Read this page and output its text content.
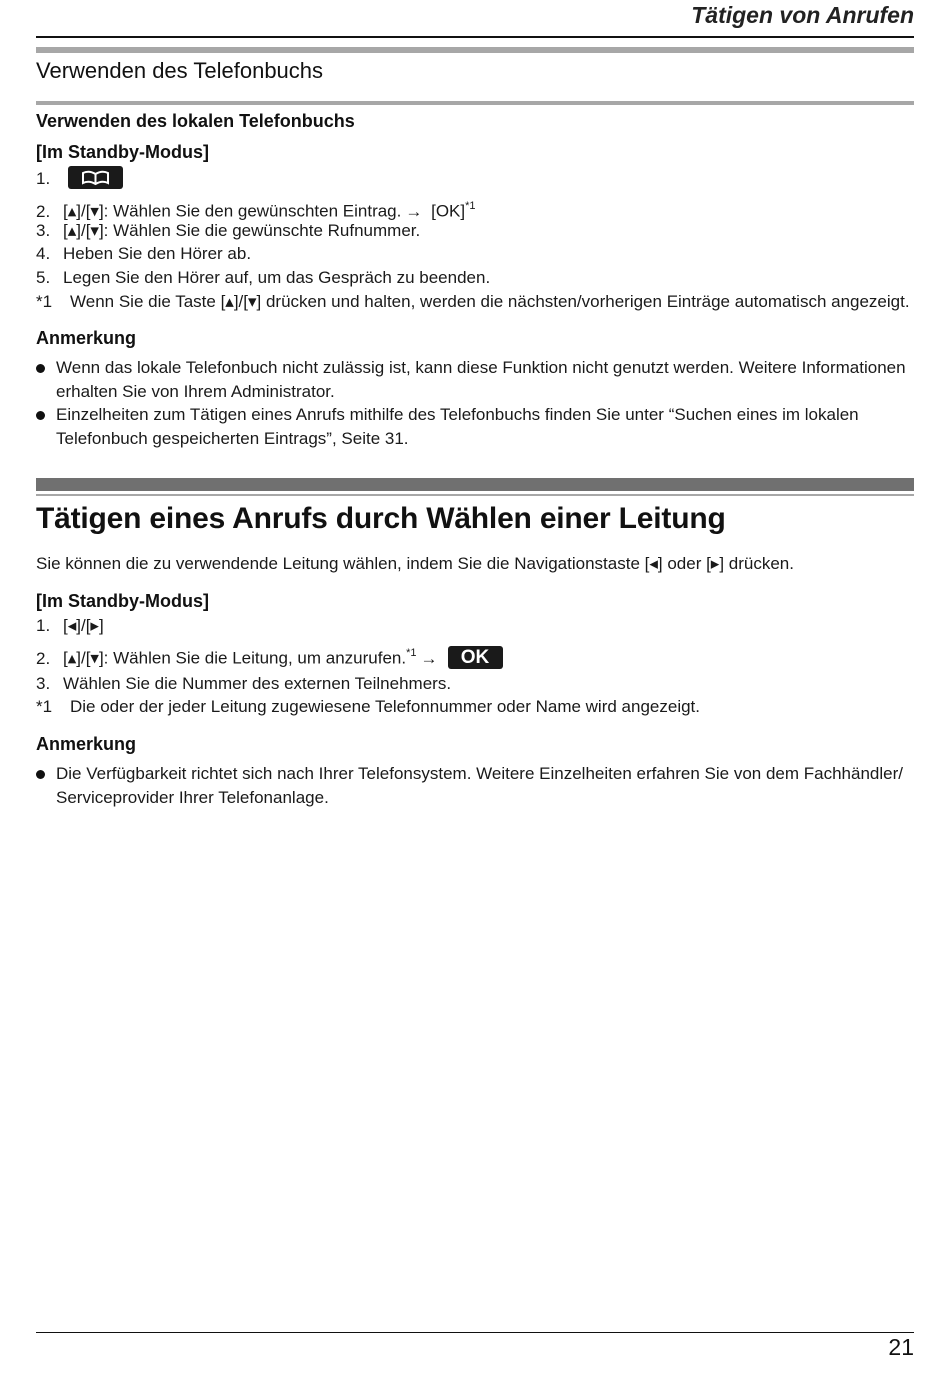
Tätigen von Anrufen
Verwenden des Telefonbuchs
Verwenden des lokalen Telefonbuchs
[Im Standby-Modus]
1.
2. [▴]/[▾]: Wählen Sie den gewünschten Eintrag. → [OK]$^{*1}$
3. [▴]/[▾]: Wählen Sie die gewünschte Rufnummer.
4. Heben Sie den Hörer ab.
5. Legen Sie den Hörer auf, um das Gespräch zu beenden.
*1 Wenn Sie die Taste [▴]/[▾] drücken und halten, werden die nächsten/vorherigen Einträge automatisch angezeigt.
Anmerkung
Wenn das lokale Telefonbuch nicht zulässig ist, kann diese Funktion nicht genutzt werden. Weitere Informationen erhalten Sie von Ihrem Administrator.
Einzelheiten zum Tätigen eines Anrufs mithilfe des Telefonbuchs finden Sie unter “Suchen eines im lokalen Telefonbuch gespeicherten Eintrags”, Seite 31.
Tätigen eines Anrufs durch Wählen einer Leitung
Sie können die zu verwendende Leitung wählen, indem Sie die Navigationstaste [◂] oder [▸] drücken.
[Im Standby-Modus]
1. [◂]/[▸]
2. [▴]/[▾]: Wählen Sie die Leitung, um anzurufen.$^{*1}$ → OK
3. Wählen Sie die Nummer des externen Teilnehmers.
*1 Die oder der jeder Leitung zugewiesene Telefonnummer oder Name wird angezeigt.
Anmerkung
Die Verfügbarkeit richtet sich nach Ihrer Telefonsystem. Weitere Einzelheiten erfahren Sie von dem Fachhändler/ Serviceprovider Ihrer Telefonanlage.
21
